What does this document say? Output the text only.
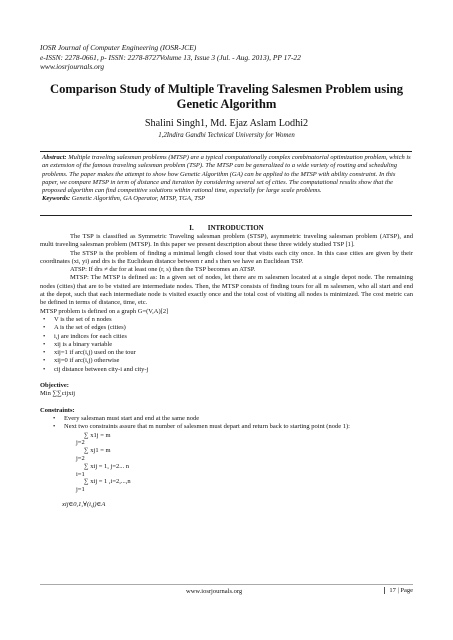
IOSR Journal of Computer Engineering (IOSR-JCE)
e-ISSN: 2278-0661, p- ISSN: 2278-8727Volume 13, Issue 3 (Jul. - Aug. 2013), PP 17-22
www.iosrjournals.org
Comparison Study of Multiple Traveling Salesmen Problem using
Genetic Algorithm
Shalini Singh1, Md. Ejaz Aslam Lodhi2
1,2Indira Gandhi Technical University for Women
Abstract: Multiple traveling salesman problems (MTSP) are a typical computationally complex combinatorial optimization problem, which is an extension of the famous traveling salesman problem (TSP). The MTSP can be generalized to a wide variety of routing and scheduling problems. The paper makes the attempt to show how Genetic Algorithm (GA) can be applied to the MTSP with ability constraint. In this paper, we compare MTSP in term of distance and iteration by considering several set of cities. The computational results show that the proposed algorithm can find competitive solutions within rational time, especially for large scale problems.
Keywords: Genetic Algorithm, GA Operator, MTSP, TGA, TSP
I. INTRODUCTION

The TSP is classified as Symmetric Traveling salesman problem (STSP), asymmetric traveling salesman problem (ATSP), and multi traveling salesman problem (MTSP). In this paper we present description about these three widely studied TSP [1].

The STSP is the problem of finding a minimal length closed tour that visits each city once. In this case cities are given by their coordinates (xi, yi) and drs is the Euclidean distance between r and s then we have an Euclidean TSP.

ATSP: If drs ≠ dsr for at least one (r, s) then the TSP becomes an ATSP.

MTSP: The MTSP is defined as: In a given set of nodes, let there are m salesmen located at a single depot node. The remaining nodes (cities) that are to be visited are intermediate nodes. Then, the MTSP consists of finding tours for all m salesmen, who all start and end at the depot, such that each intermediate node is visited exactly once and the total cost of visiting all nodes is minimized. The cost metric can be defined in terms of distance, time, etc.

MTSP problem is defined on a graph G=(V,A)[2]

• V is the set of n nodes
• A is the set of edges (cities)
• i,j are indices for each cities
• xij is a binary variable
• xij=1 if arc(i,j) used on the tour
• xij=0 if arc(i,j) otherwise
• cij distance between city-i and city-j

Objective:

Min ∑∑cijxij

Constraints:

• Every salesman must start and end at the same node
• Next two constraints assure that m number of salesmen must depart and return back to starting point (node 1):
∑ x1j = m
j=2
∑ xj1 = m
j=2
∑ xij = 1, j=2... n
i=1
∑ xij = 1 ,i=2,...,n
j=1

xij∈0,1,∀(i,j)∈A

www.iosrjournals.org	17 | Page
